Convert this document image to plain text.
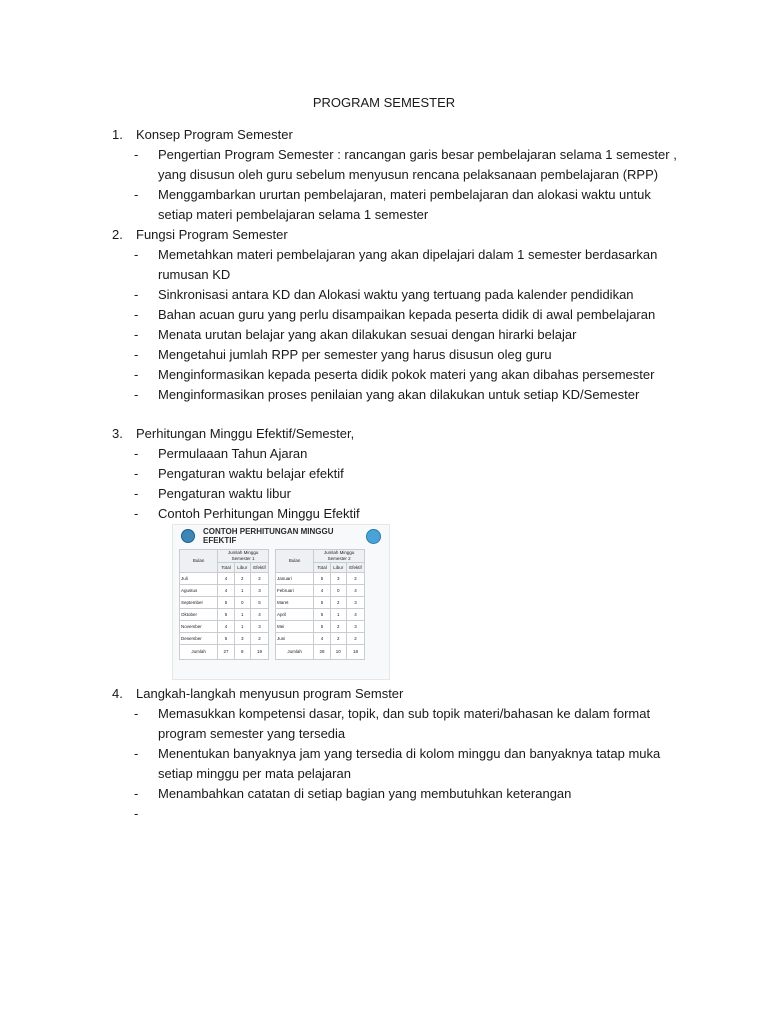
PROGRAM SEMESTER
1.	Konsep Program Semester
-	Pengertian Program Semester : rancangan garis besar pembelajaran selama 1 semester ,
yang disusun oleh guru sebelum menyusun rencana pelaksanaan pembelajaran (RPP)
-	Menggambarkan ururtan pembelajaran, materi pembelajaran dan alokasi waktu untuk
setiap materi pembelajaran selama 1 semester
2.	Fungsi Program Semester
-	Memetahkan materi pembelajaran yang akan dipelajari dalam 1 semester berdasarkan
rumusan KD
-	Sinkronisasi antara KD dan Alokasi waktu yang tertuang pada kalender pendidikan
-	Bahan acuan guru yang perlu disampaikan kepada peserta didik di awal pembelajaran
-	Menata urutan belajar yang akan dilakukan sesuai dengan hirarki belajar
-	Mengetahui jumlah RPP per semester yang harus disusun oleg guru
-	Menginformasikan kepada peserta didik pokok materi yang akan dibahas persemester
-	Menginformasikan proses penilaian yang akan dilakukan untuk setiap KD/Semester
3.	Perhitungan Minggu Efektif/Semester,
-	Permulaaan Tahun Ajaran
-	Pengaturan waktu belajar efektif
-	Pengaturan waktu libur
-	Contoh Perhitungan Minggu Efektif
CONTOH PERHITUNGAN MINGGU EFEKTIF
Bulan	Jumlah Minggu Semester 1		
	Total	Libur	Efektif
Juli	4	2	2
Agustus	4	1	3
September	5	0	5
Oktober	5	1	4
November	4	1	3
Desember	5	3	2
Jumlah	27	8	19
Bulan	Jumlah Minggu Semester 2		
	Total	Libur	Efektif
Januari	5	3	2
Februari	4	0	4
Maret	5	2	3
April	5	1	4
Mei	5	2	3
Juni	4	2	2
Jumlah	28	10	18
4.	Langkah-langkah menyusun program Semster
-	Memasukkan kompetensi dasar, topik, dan sub topik materi/bahasan ke dalam format
program semester yang tersedia
-	Menentukan banyaknya jam yang tersedia di kolom minggu dan banyaknya tatap muka
setiap minggu per mata pelajaran
-	Menambahkan catatan di setiap bagian yang membutuhkan keterangan
-
